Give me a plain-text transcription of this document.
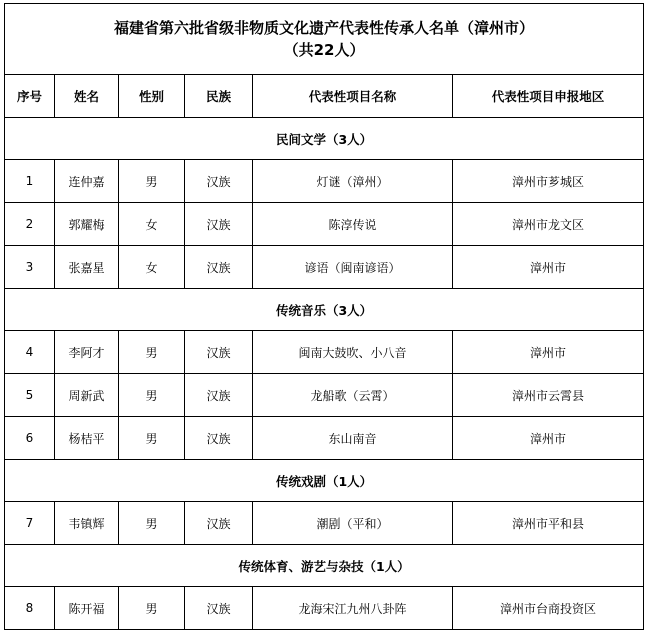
福建省第六批省级非物质文化遗产代表性传承人名单（漳州市）
（共22人）					

序号	姓名	性别	民族	代表性项目名称	代表性项目申报地区
民间文学（3人）					
1	连仲嘉	男	汉族	灯谜（漳州）	漳州市芗城区
2	郭耀梅	女	汉族	陈淳传说	漳州市龙文区
3	张嘉星	女	汉族	谚语（闽南谚语）	漳州市
传统音乐（3人）					
4	李阿才	男	汉族	闽南大鼓吹、小八音	漳州市
5	周新武	男	汉族	龙船歌（云霄）	漳州市云霄县
6	杨桔平	男	汉族	东山南音	漳州市
传统戏剧（1人）					
7	韦镇辉	男	汉族	潮剧（平和）	漳州市平和县
传统体育、游艺与杂技（1人）					
8	陈开福	男	汉族	龙海宋江九州八卦阵	漳州市台商投资区
